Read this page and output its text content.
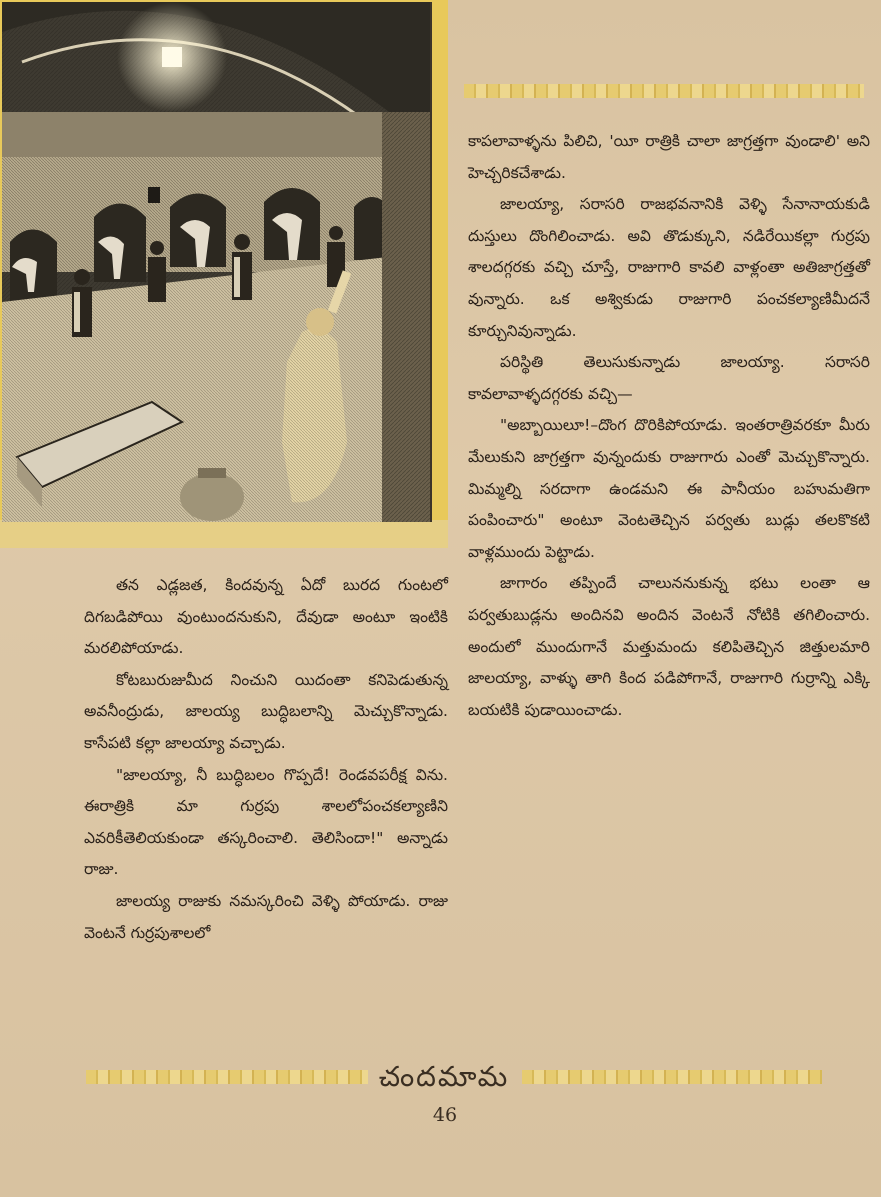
కాపలావాళ్ళను పిలిచి, 'యీ రాత్రికి చాలా జాగ్రత్తగా వుండాలి' అని హెచ్చరికచేశాడు.

జాలయ్యా, సరాసరి రాజభవనానికి వెళ్ళి సేనానాయకుడి దుస్తులు దొంగిలించాడు. అవి తొడుక్కుని, నడిరేయికల్లా గుర్రపు శాలదగ్గరకు వచ్చి చూస్తే, రాజుగారి కావలి వాళ్లంతా అతిజాగ్రత్తతో వున్నారు. ఒక అశ్వికుడు రాజుగారి పంచకల్యాణిమీదనే కూర్చునివున్నాడు.

పరిస్థితి తెలుసుకున్నాడు జాలయ్యా. సరాసరి కావలావాళ్ళదగ్గరకు వచ్చి—

"అబ్బాయిలూ!–దొంగ దొరికిపోయాడు. ఇంతరాత్రివరకూ మీరు మేలుకుని జాగ్రత్తగా వున్నందుకు రాజుగారు ఎంతో మెచ్చుకొన్నారు. మిమ్మల్ని సరదాగా ఉండమని ఈ పానీయం బహుమతిగా పంపించారు" అంటూ వెంటతెచ్చిన పర్వతు బుడ్లు తలకొకటి వాళ్లముందు పెట్టాడు.

జాగారం తప్పిందే చాలుననుకున్న భటు లంతా ఆ పర్వతుబుడ్లను అందినవి అందిన వెంటనే నోటికి తగిలించారు. అందులో ముందుగానే మత్తుమందు కలిపితెచ్చిన జిత్తులమారి జాలయ్యా, వాళ్ళు తాగి కింద పడిపోగానే, రాజుగారి గుర్రాన్ని ఎక్కి బయటికి పుడాయించాడు.

తన ఎడ్లజత, కిందవున్న ఏదో బురద గుంటలో దిగబడిపోయి వుంటుందనుకుని, దేవుడా అంటూ ఇంటికి మరలిపోయాడు.

కోటబురుజుమీద నించుని యిదంతా కనిపెడుతున్న అవనీంద్రుడు, జాలయ్య బుద్ధిబలాన్ని మెచ్చుకొన్నాడు. కాసేపటి కల్లా జాలయ్యా వచ్చాడు.

"జాలయ్యా, నీ బుద్ధిబలం గొప్పదే! రెండవపరీక్ష విను. ఈరాత్రికి మా గుర్రపు శాలలోపంచకల్యాణిని ఎవరికీతెలియకుండా తస్కరించాలి. తెలిసిందా!" అన్నాడు రాజు.

జాలయ్య రాజుకు నమస్కరించి వెళ్ళి పోయాడు. రాజు వెంటనే గుర్రపుశాలలో

చందమామ
46
